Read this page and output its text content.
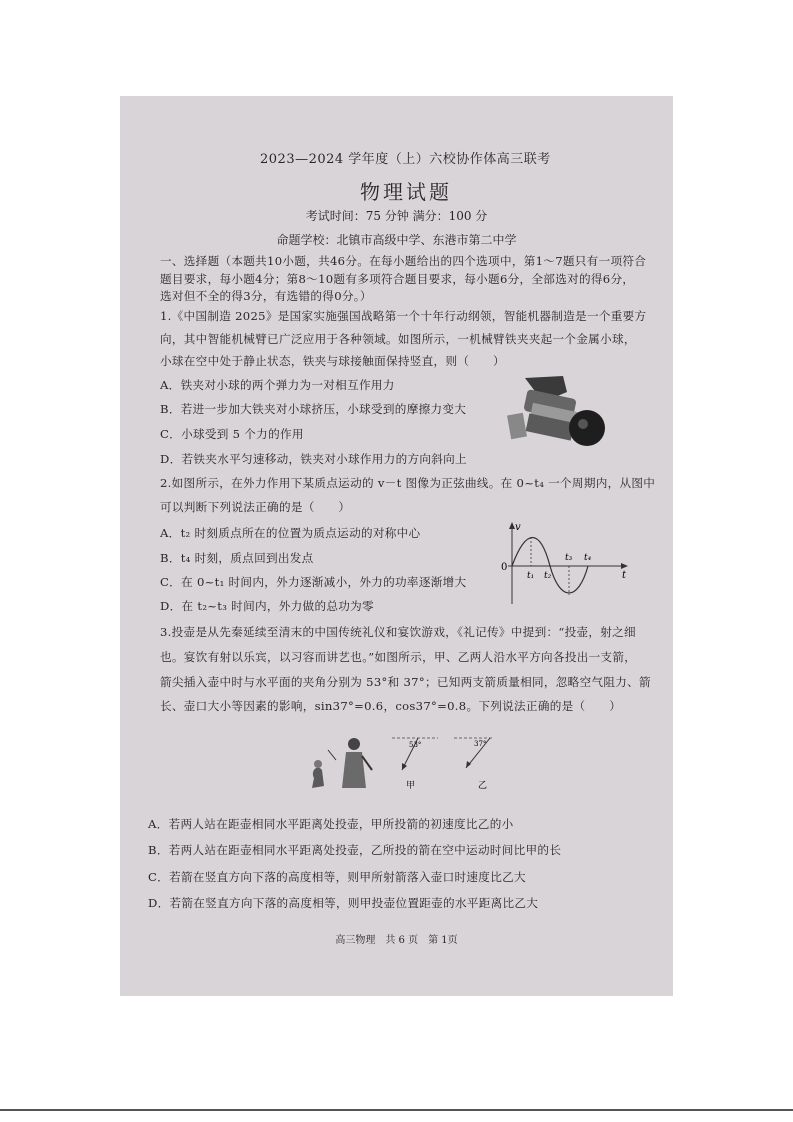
2023—2024 学年度（上）六校协作体高三联考
物理试题
考试时间：75 分钟 满分：100 分
命题学校：北镇市高级中学、东港市第二中学
一、选择题（本题共10小题，共46分。在每小题给出的四个选项中，第1～7题只有一项符合
题目要求，每小题4分；第8～10题有多项符合题目要求，每小题6分，全部选对的得6分，
选对但不全的得3分，有选错的得0分。）
1.《中国制造 2025》是国家实施强国战略第一个十年行动纲领，智能机器制造是一个重要方
向，其中智能机械臂已广泛应用于各种领域。如图所示，一机械臂铁夹夹起一个金属小球，
小球在空中处于静止状态，铁夹与球接触面保持竖直，则（　　）
A．铁夹对小球的两个弹力为一对相互作用力
B．若进一步加大铁夹对小球挤压，小球受到的摩擦力变大
C．小球受到 5 个力的作用
D．若铁夹水平匀速移动，铁夹对小球作用力的方向斜向上
2.如图所示，在外力作用下某质点运动的 v－t 图像为正弦曲线。在 0~t₄ 一个周期内，从图中
可以判断下列说法正确的是（　　）
A．t₂ 时刻质点所在的位置为质点运动的对称中心
B．t₄ 时刻，质点回到出发点
C．在 0~t₁ 时间内，外力逐渐减小，外力的功率逐渐增大
D．在 t₂~t₃ 时间内，外力做的总功为零
v
t
0
t₁ t₂
t₃ t₄
3.投壶是从先秦延续至清末的中国传统礼仪和宴饮游戏，《礼记传》中提到：“投壶，射之细
也。宴饮有射以乐宾，以习容而讲艺也。”如图所示，甲、乙两人沿水平方向各投出一支箭，
箭尖插入壶中时与水平面的夹角分别为 53°和 37°；已知两支箭质量相同，忽略空气阻力、箭
长、壶口大小等因素的影响，sin37°=0.6，cos37°=0.8。下列说法正确的是（　　）
53°
甲
37°
乙
A．若两人站在距壶相同水平距离处投壶，甲所投箭的初速度比乙的小
B．若两人站在距壶相同水平距离处投壶，乙所投的箭在空中运动时间比甲的长
C．若箭在竖直方向下落的高度相等，则甲所射箭落入壶口时速度比乙大
D．若箭在竖直方向下落的高度相等，则甲投壶位置距壶的水平距离比乙大
高三物理　共 6 页　第 1页
